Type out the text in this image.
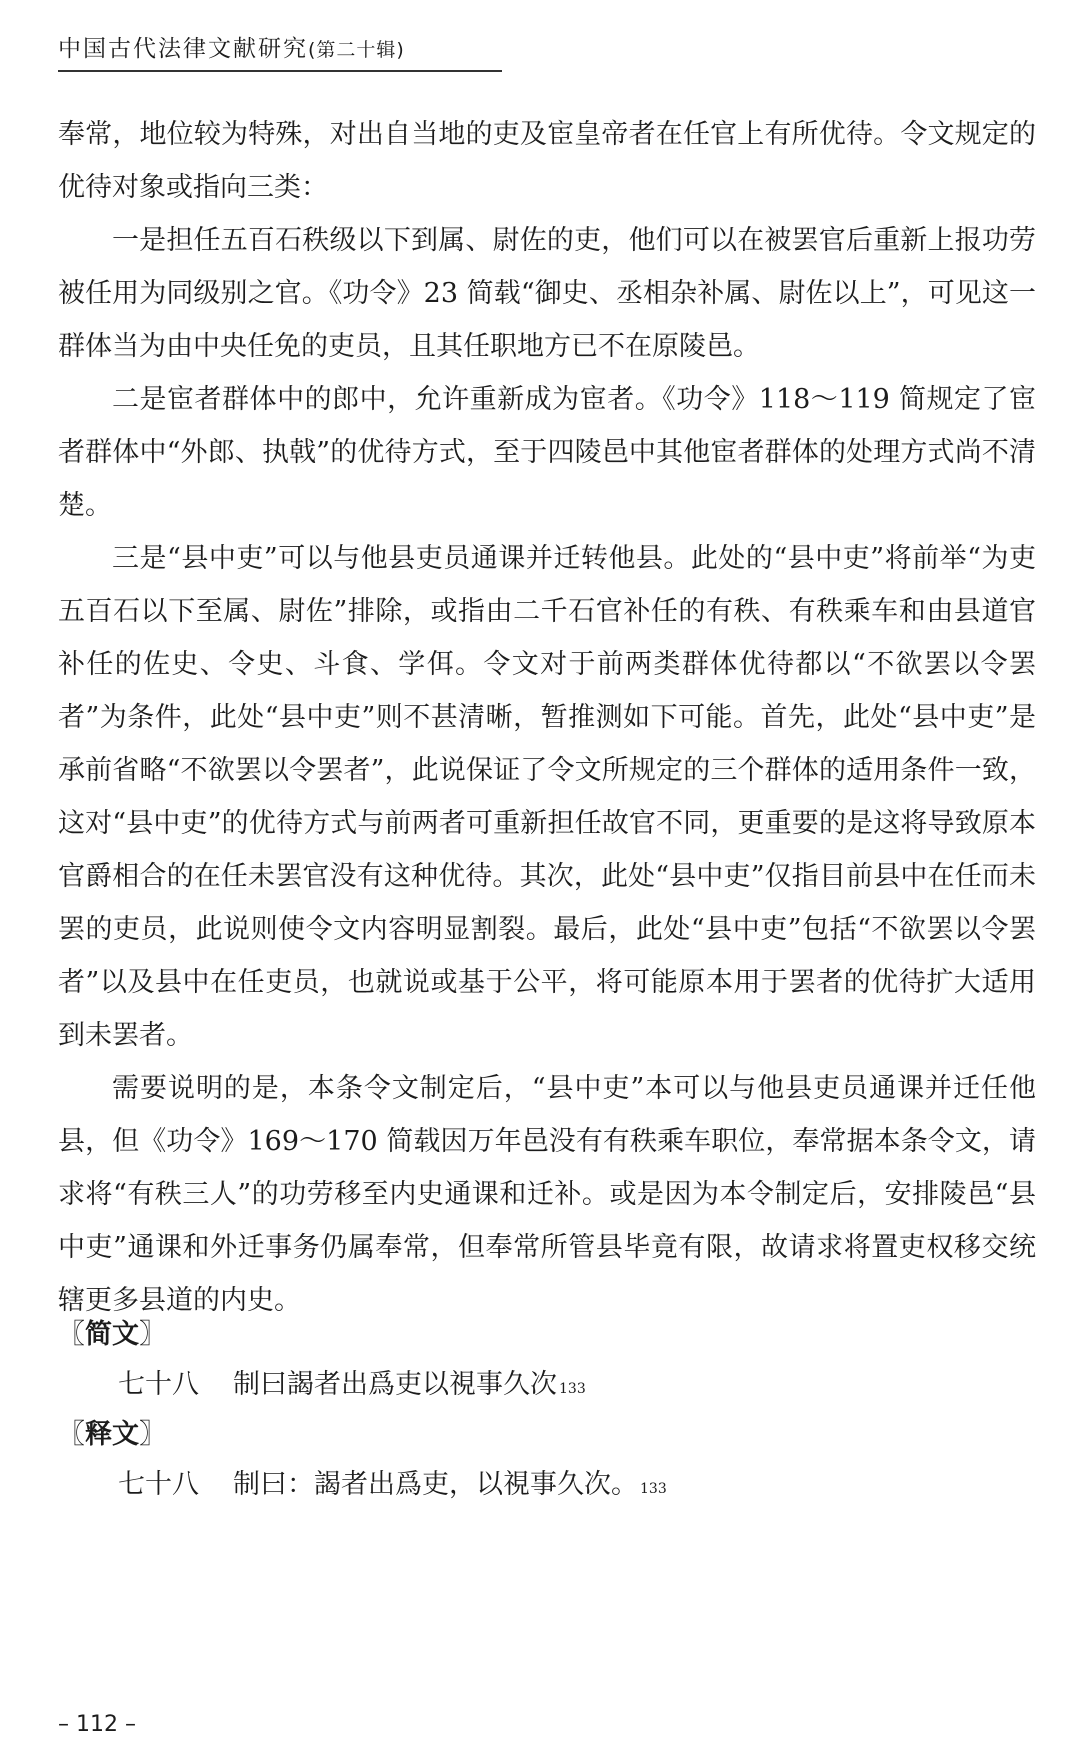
中国古代法律文献研究(第二十辑)

奉常，地位较为特殊，对出自当地的吏及宦皇帝者在任官上有所优待。令文规定的优待对象或指向三类：

一是担任五百石秩级以下到属、尉佐的吏，他们可以在被罢官后重新上报功劳被任用为同级别之官。《功令》23 简载“御史、丞相杂补属、尉佐以上”，可见这一群体当为由中央任免的吏员，且其任职地方已不在原陵邑。

二是宦者群体中的郎中，允许重新成为宦者。《功令》118～119 简规定了宦者群体中“外郎、执戟”的优待方式，至于四陵邑中其他宦者群体的处理方式尚不清楚。

三是“县中吏”可以与他县吏员通课并迁转他县。此处的“县中吏”将前举“为吏五百石以下至属、尉佐”排除，或指由二千石官补任的有秩、有秩乘车和由县道官补任的佐史、令史、斗食、学佴。令文对于前两类群体优待都以“不欲罢以令罢者”为条件，此处“县中吏”则不甚清晰，暂推测如下可能。首先，此处“县中吏”是承前省略“不欲罢以令罢者”，此说保证了令文所规定的三个群体的适用条件一致，这对“县中吏”的优待方式与前两者可重新担任故官不同，更重要的是这将导致原本官爵相合的在任未罢官没有这种优待。其次，此处“县中吏”仅指目前县中在任而未罢的吏员，此说则使令文内容明显割裂。最后，此处“县中吏”包括“不欲罢以令罢者”以及县中在任吏员，也就说或基于公平，将可能原本用于罢者的优待扩大适用到未罢者。

需要说明的是，本条令文制定后，“县中吏”本可以与他县吏员通课并迁任他县，但《功令》169～170 简载因万年邑没有有秩乘车职位，奉常据本条令文，请求将“有秩三人”的功劳移至内史通课和迁补。或是因为本令制定后，安排陵邑“县中吏”通课和外迁事务仍属奉常，但奉常所管县毕竟有限，故请求将置吏权移交统辖更多县道的内史。

〖简文〗
七十八 制曰謁者出爲吏以視事久次 133
〖释文〗
七十八 制曰：謁者出爲吏，以視事久次。 133
– 112 –
